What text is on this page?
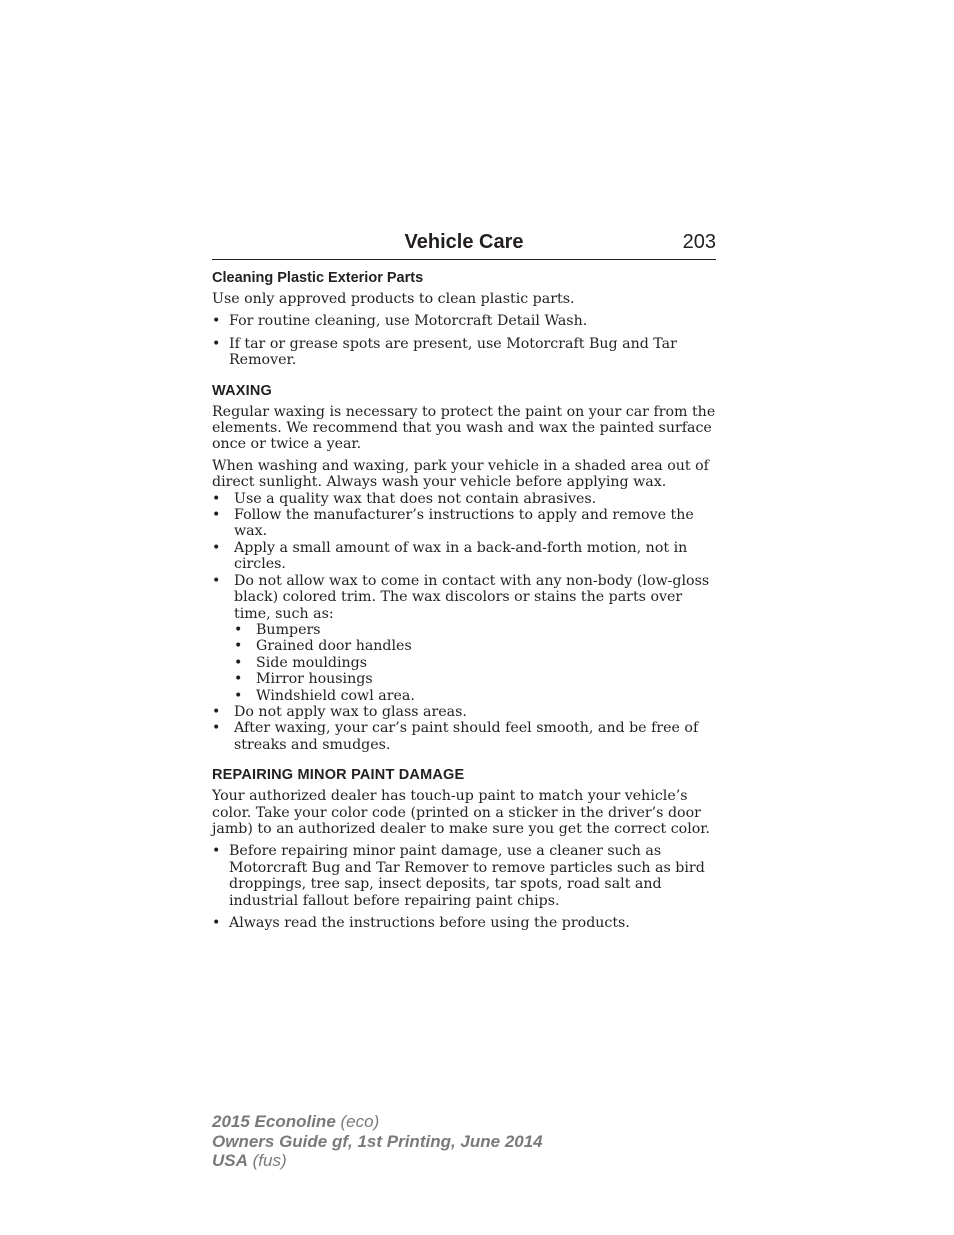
Vehicle Care	203
Cleaning Plastic Exterior Parts

Use only approved products to clean plastic parts.

• For routine cleaning, use Motorcraft Detail Wash.
• If tar or grease spots are present, use Motorcraft Bug and Tar Remover.
WAXING

Regular waxing is necessary to protect the paint on your car from the elements. We recommend that you wash and wax the painted surface once or twice a year.

When washing and waxing, park your vehicle in a shaded area out of direct sunlight. Always wash your vehicle before applying wax.

• Use a quality wax that does not contain abrasives.
• Follow the manufacturer’s instructions to apply and remove the wax.
• Apply a small amount of wax in a back-and-forth motion, not in circles.
• Do not allow wax to come in contact with any non-body (low-gloss black) colored trim. The wax discolors or stains the parts over time, such as:
• Bumpers
• Grained door handles
• Side mouldings
• Mirror housings
• Windshield cowl area.
• Do not apply wax to glass areas.
• After waxing, your car’s paint should feel smooth, and be free of streaks and smudges.
REPAIRING MINOR PAINT DAMAGE

Your authorized dealer has touch-up paint to match your vehicle’s color. Take your color code (printed on a sticker in the driver’s door jamb) to an authorized dealer to make sure you get the correct color.

• Before repairing minor paint damage, use a cleaner such as Motorcraft Bug and Tar Remover to remove particles such as bird droppings, tree sap, insect deposits, tar spots, road salt and industrial fallout before repairing paint chips.
• Always read the instructions before using the products.
2015 Econoline (eco)
Owners Guide gf, 1st Printing, June 2014
USA (fus)
